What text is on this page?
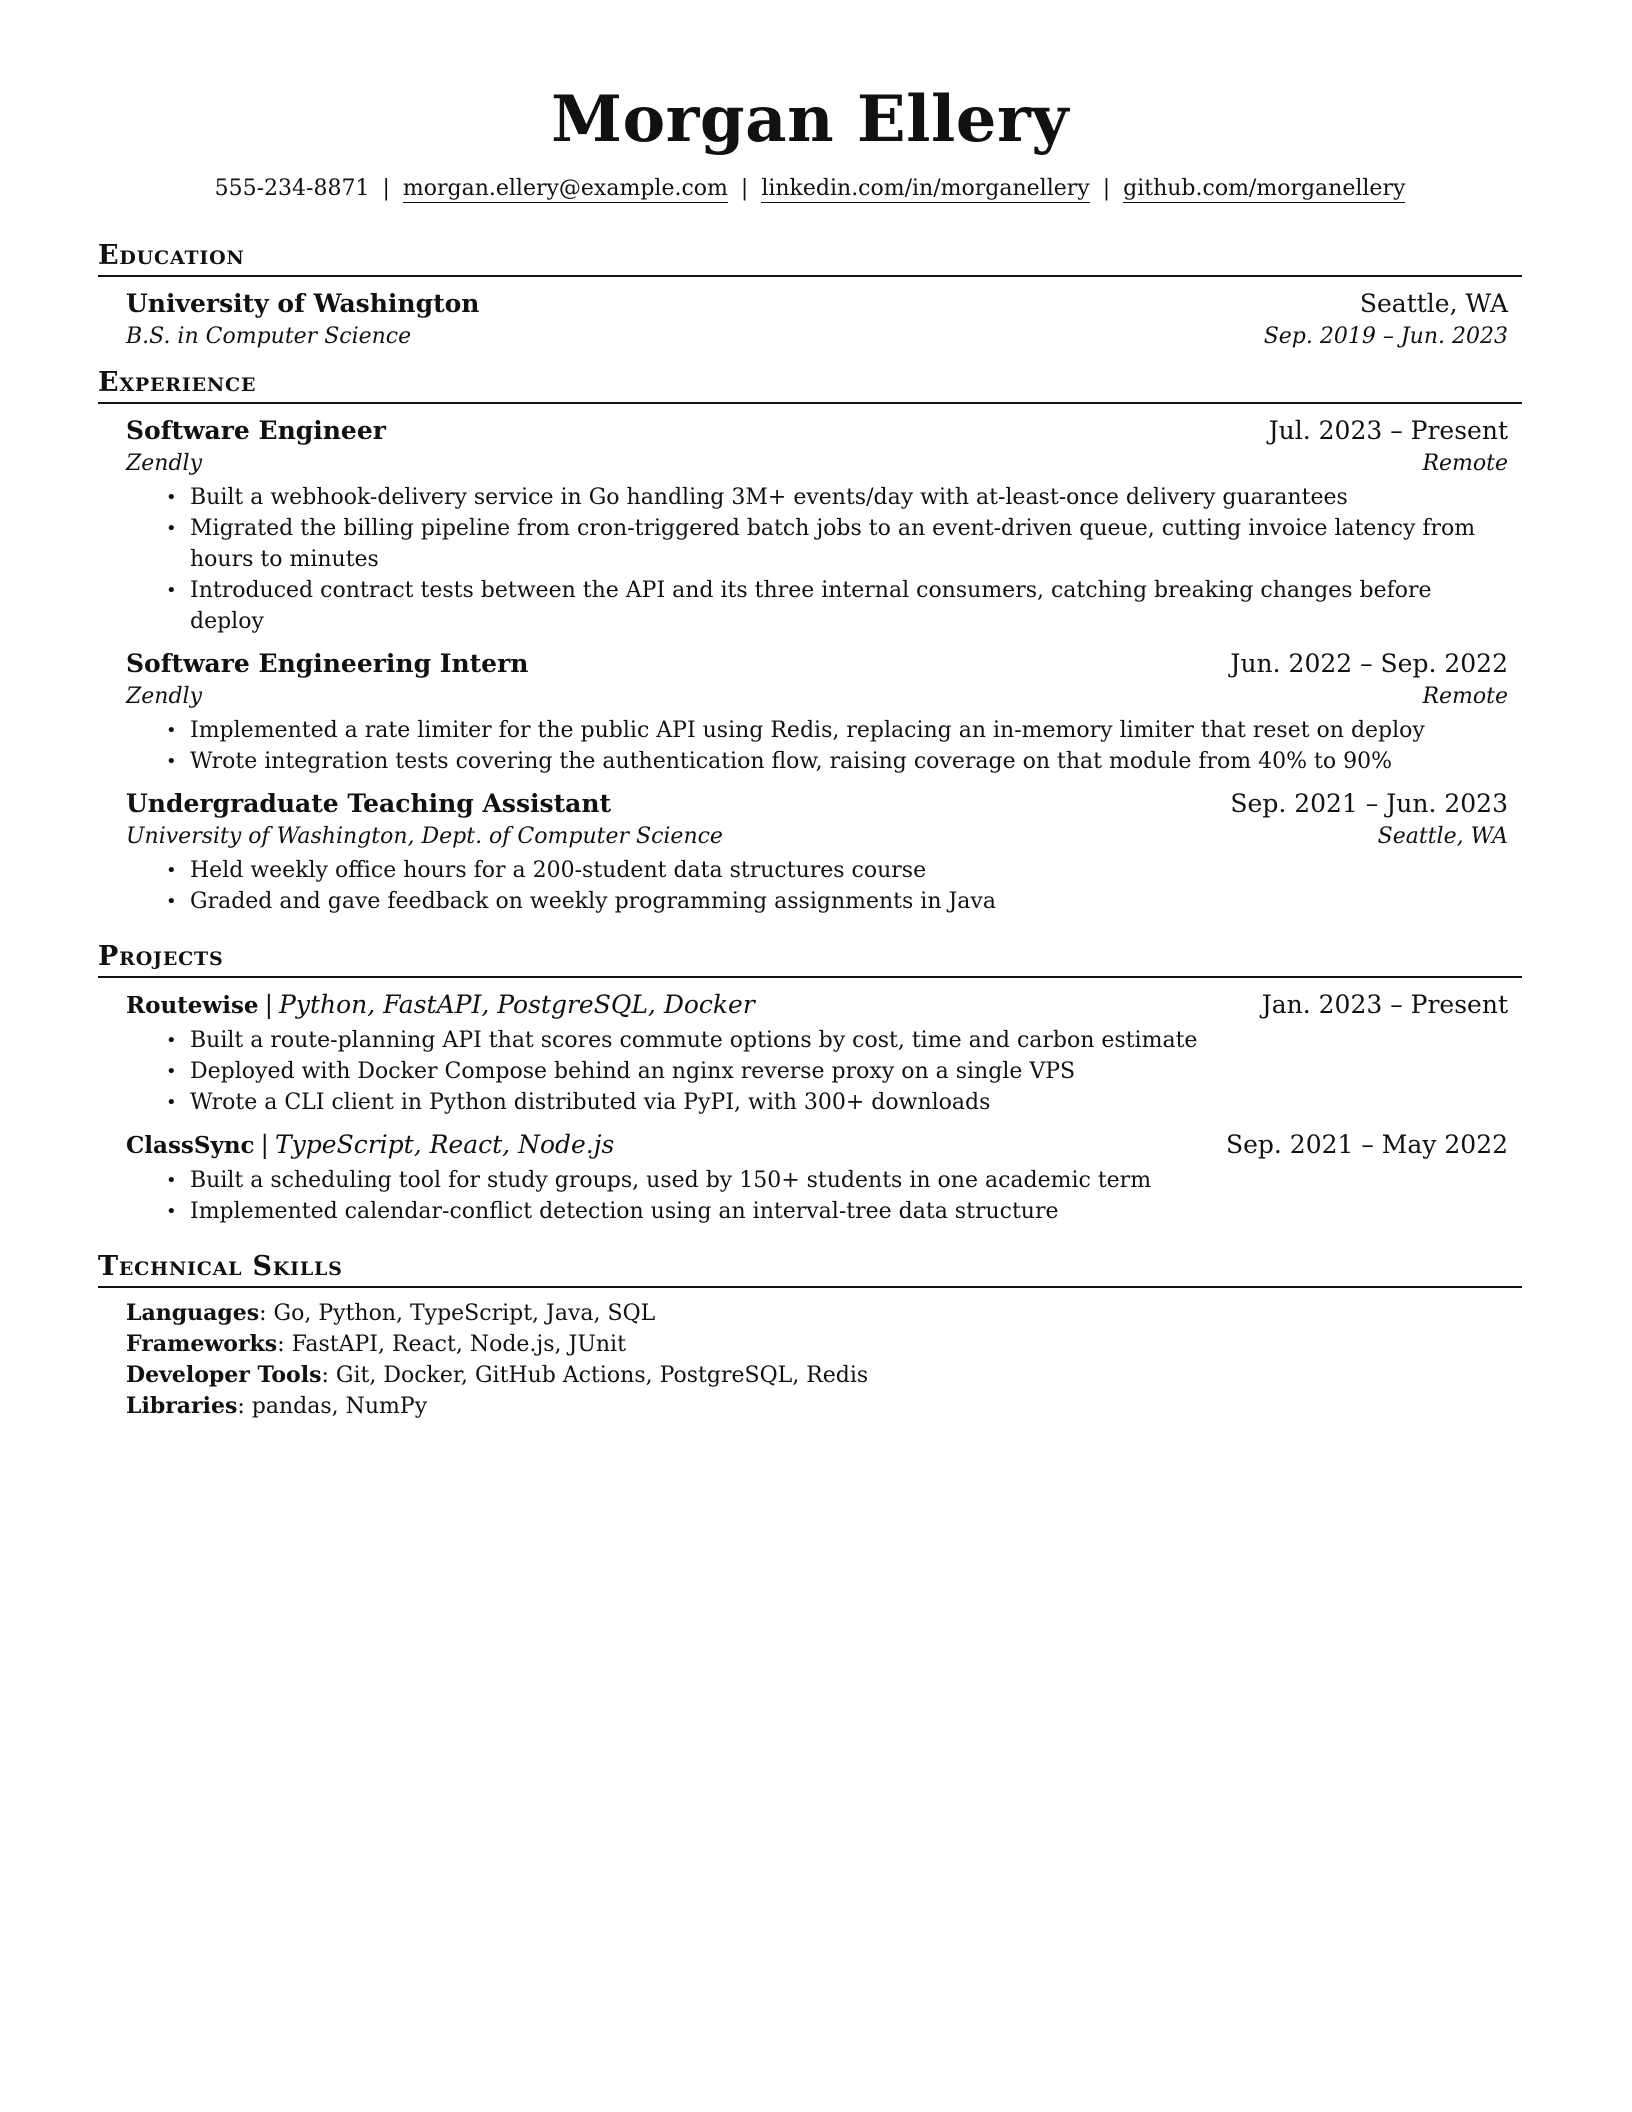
Morgan Ellery
555-234-8871 | morgan.ellery@example.com | linkedin.com/in/morganellery | github.com/morganellery
Education
University of Washington	Seattle, WA
B.S. in Computer Science	Sep. 2019 – Jun. 2023
Experience
Software Engineer	Jul. 2023 – Present
Zendly	Remote
• Built a webhook-delivery service in Go handling 3M+ events/day with at-least-once delivery guarantees
• Migrated the billing pipeline from cron-triggered batch jobs to an event-driven queue, cutting invoice latency from hours to minutes
• Introduced contract tests between the API and its three internal consumers, catching breaking changes before deploy
Software Engineering Intern	Jun. 2022 – Sep. 2022
Zendly	Remote
• Implemented a rate limiter for the public API using Redis, replacing an in-memory limiter that reset on deploy
• Wrote integration tests covering the authentication flow, raising coverage on that module from 40% to 90%
Undergraduate Teaching Assistant	Sep. 2021 – Jun. 2023
University of Washington, Dept. of Computer Science	Seattle, WA
• Held weekly office hours for a 200-student data structures course
• Graded and gave feedback on weekly programming assignments in Java
Projects
Routewise | Python, FastAPI, PostgreSQL, Docker	Jan. 2023 – Present
• Built a route-planning API that scores commute options by cost, time and carbon estimate
• Deployed with Docker Compose behind an nginx reverse proxy on a single VPS
• Wrote a CLI client in Python distributed via PyPI, with 300+ downloads
ClassSync | TypeScript, React, Node.js	Sep. 2021 – May 2022
• Built a scheduling tool for study groups, used by 150+ students in one academic term
• Implemented calendar-conflict detection using an interval-tree data structure
Technical Skills
Languages: Go, Python, TypeScript, Java, SQL
Frameworks: FastAPI, React, Node.js, JUnit
Developer Tools: Git, Docker, GitHub Actions, PostgreSQL, Redis
Libraries: pandas, NumPy
